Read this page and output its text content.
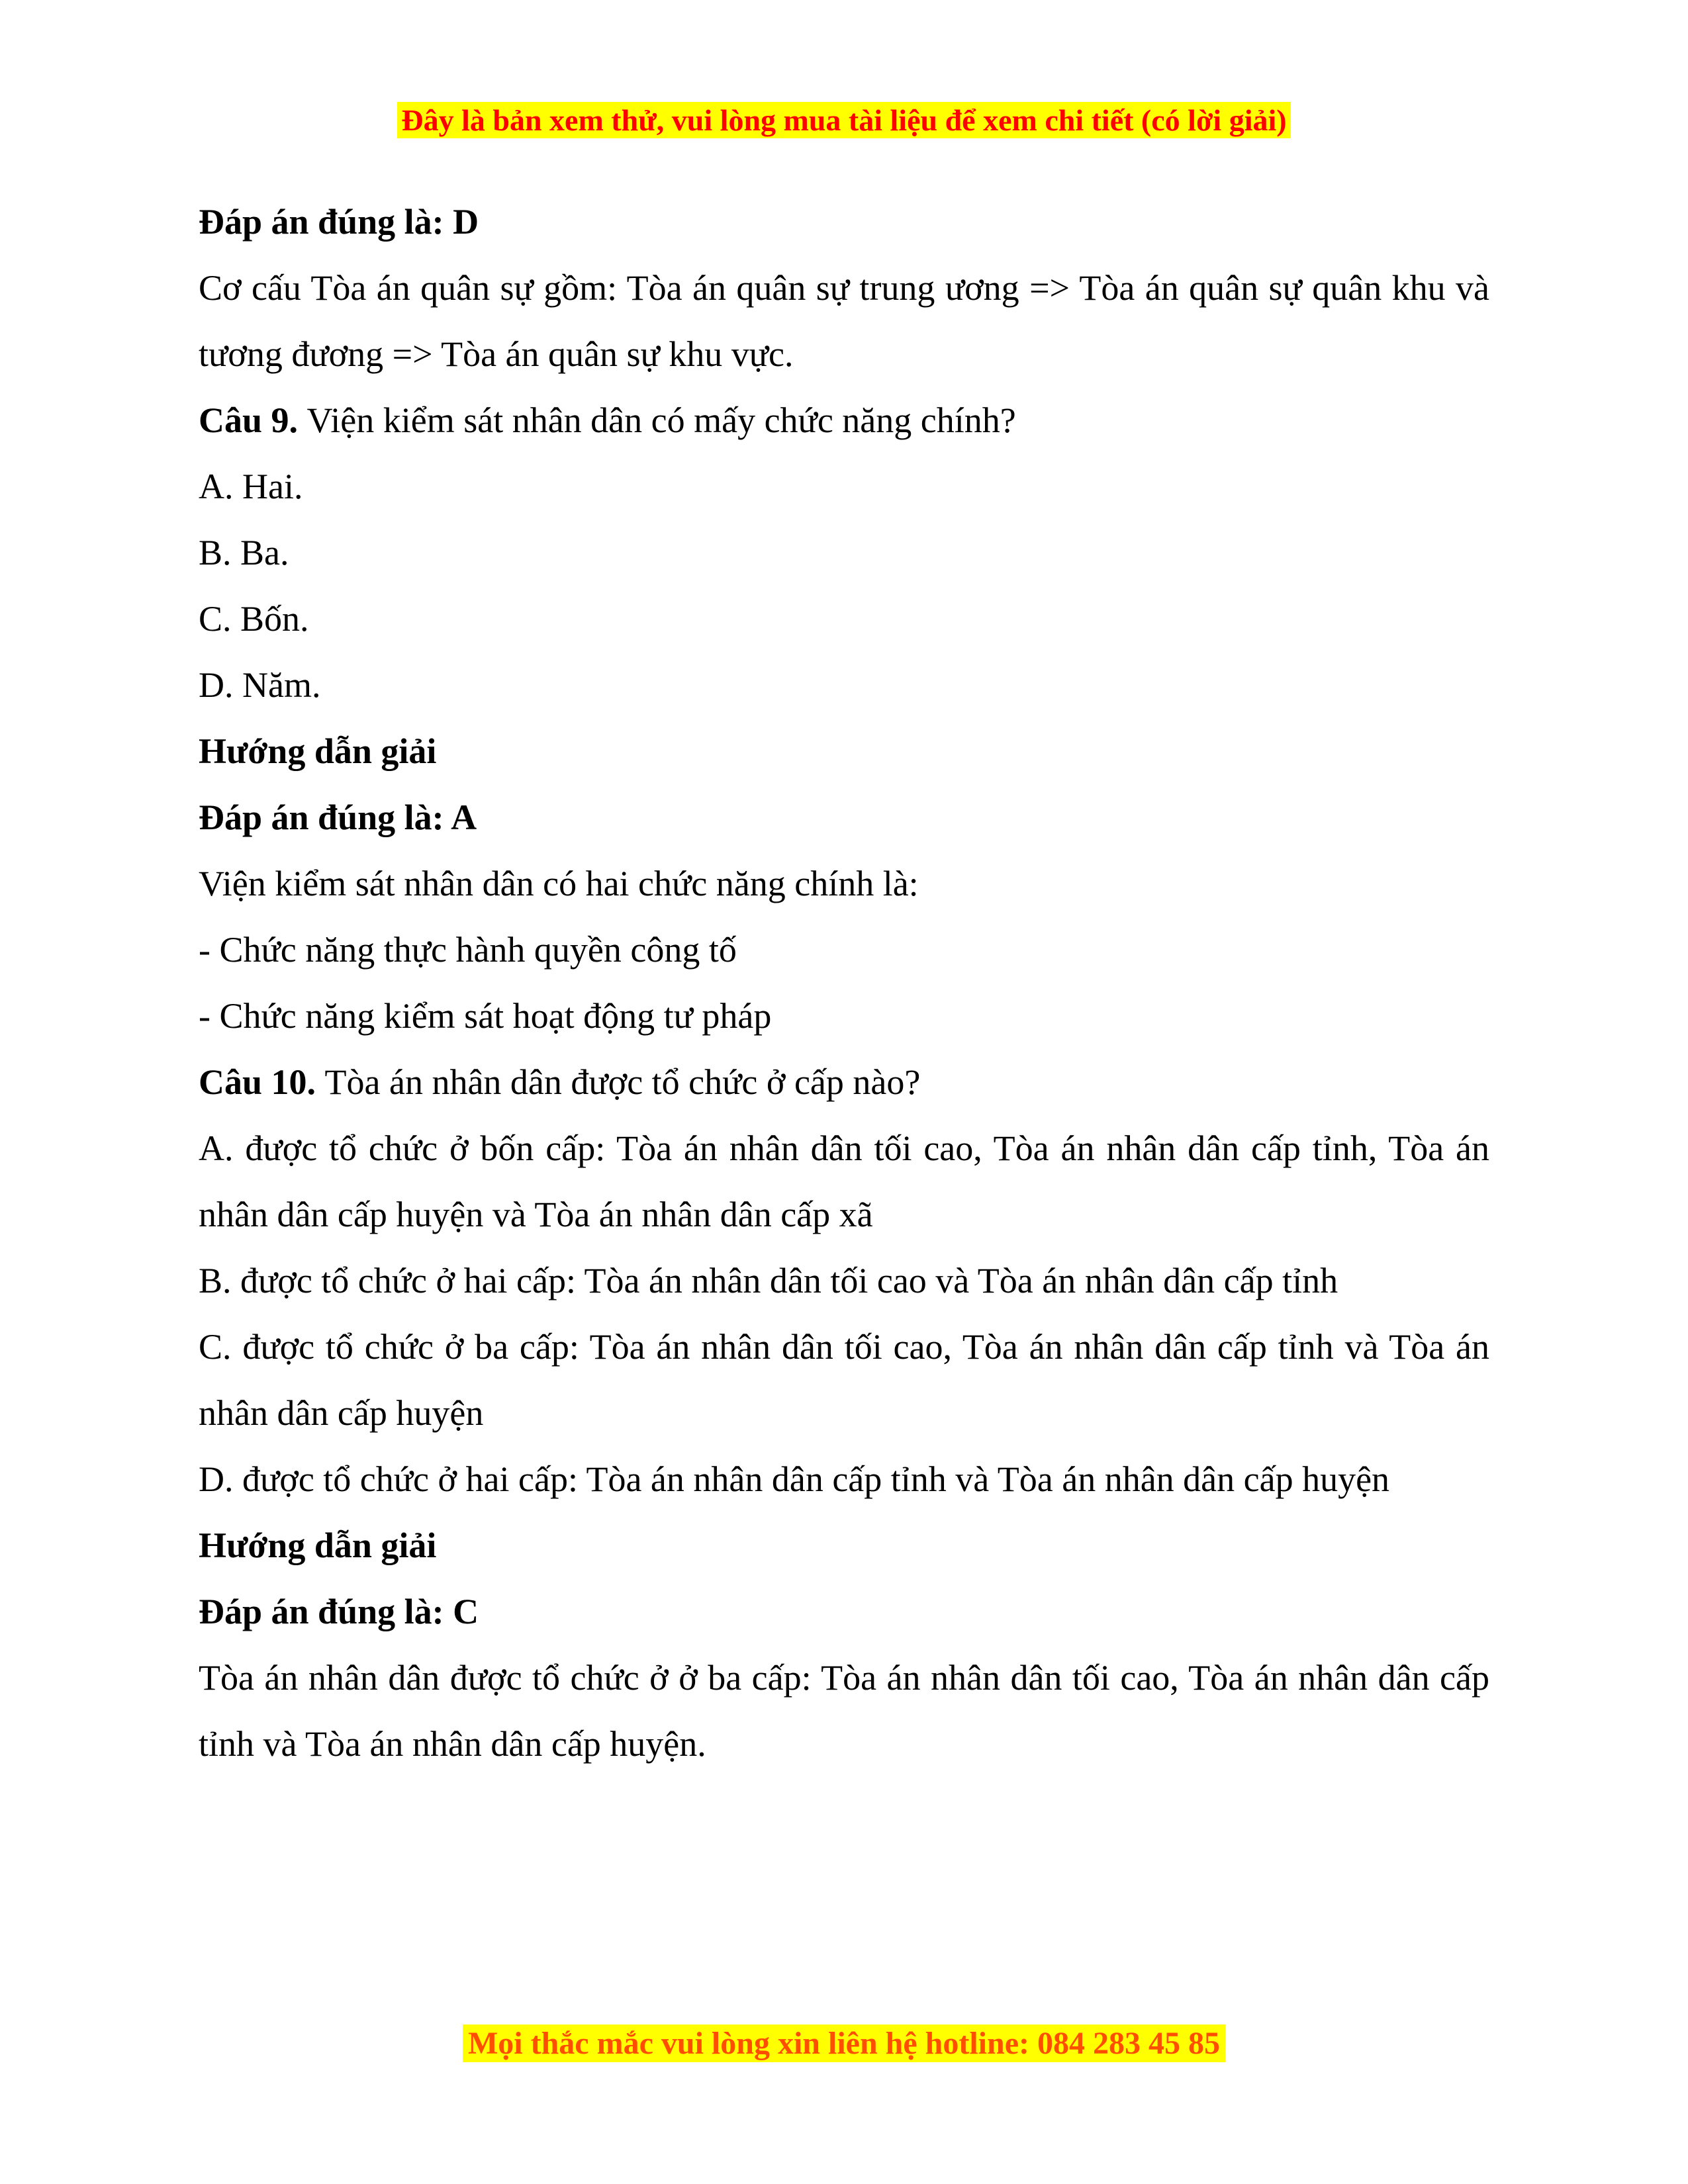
Đây là bản xem thử, vui lòng mua tài liệu để xem chi tiết (có lời giải)

Đáp án đúng là: D

Cơ cấu Tòa án quân sự gồm: Tòa án quân sự trung ương => Tòa án quân sự quân khu và tương đương => Tòa án quân sự khu vực.

Câu 9. Viện kiểm sát nhân dân có mấy chức năng chính?

A. Hai.

B. Ba.

C. Bốn.

D. Năm.

Hướng dẫn giải

Đáp án đúng là: A

Viện kiểm sát nhân dân có hai chức năng chính là:

- Chức năng thực hành quyền công tố

- Chức năng kiểm sát hoạt động tư pháp

Câu 10. Tòa án nhân dân được tổ chức ở cấp nào?

A. được tổ chức ở bốn cấp: Tòa án nhân dân tối cao, Tòa án nhân dân cấp tỉnh, Tòa án nhân dân cấp huyện và Tòa án nhân dân cấp xã

B. được tổ chức ở hai cấp: Tòa án nhân dân tối cao và Tòa án nhân dân cấp tỉnh

C. được tổ chức ở ba cấp: Tòa án nhân dân tối cao, Tòa án nhân dân cấp tỉnh và Tòa án nhân dân cấp huyện

D. được tổ chức ở hai cấp: Tòa án nhân dân cấp tỉnh và Tòa án nhân dân cấp huyện

Hướng dẫn giải

Đáp án đúng là: C

Tòa án nhân dân được tổ chức ở ở ba cấp: Tòa án nhân dân tối cao, Tòa án nhân dân cấp tỉnh và Tòa án nhân dân cấp huyện.

Mọi thắc mắc vui lòng xin liên hệ hotline: 084 283 45 85
